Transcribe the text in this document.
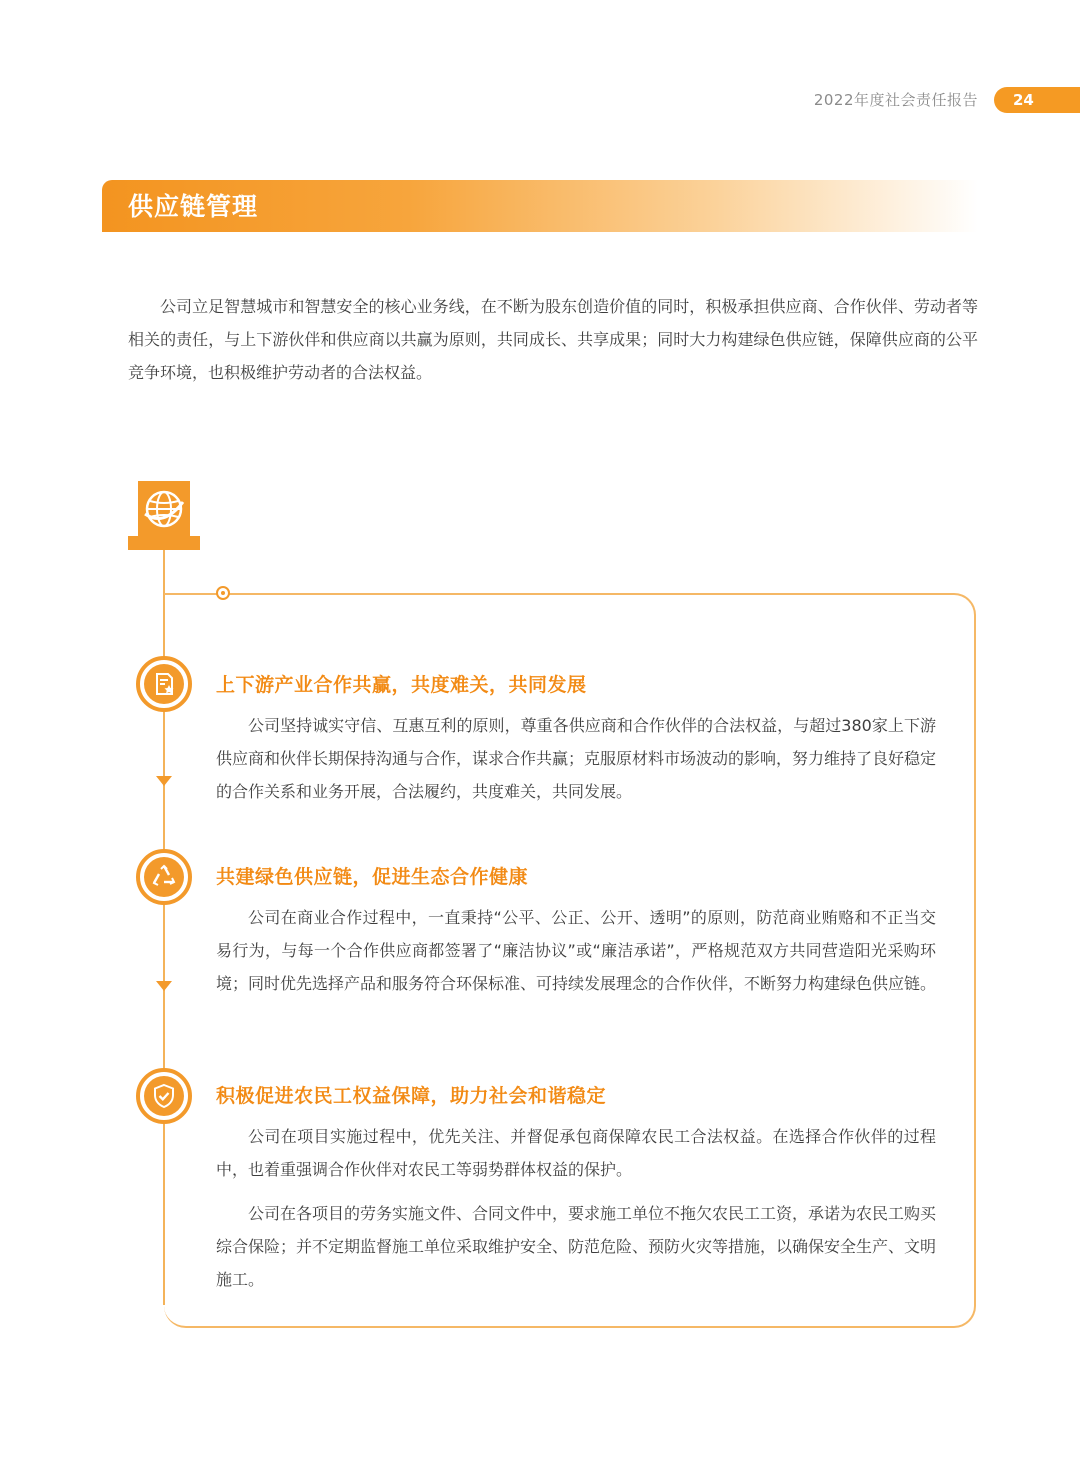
2022年度社会责任报告	24
供应链管理
公司立足智慧城市和智慧安全的核心业务线，在不断为股东创造价值的同时，积极承担供应商、合作伙伴、劳动者等相关的责任，与上下游伙伴和供应商以共赢为原则，共同成长、共享成果；同时大力构建绿色供应链，保障供应商的公平竞争环境，也积极维护劳动者的合法权益。
上下游产业合作共赢，共度难关，共同发展

公司坚持诚实守信、互惠互利的原则，尊重各供应商和合作伙伴的合法权益，与超过380家上下游供应商和伙伴长期保持沟通与合作，谋求合作共赢；克服原材料市场波动的影响，努力维持了良好稳定的合作关系和业务开展，合法履约，共度难关，共同发展。

共建绿色供应链，促进生态合作健康

公司在商业合作过程中，一直秉持“公平、公正、公开、透明”的原则，防范商业贿赂和不正当交易行为，与每一个合作供应商都签署了“廉洁协议”或“廉洁承诺”，严格规范双方共同营造阳光采购环境；同时优先选择产品和服务符合环保标准、可持续发展理念的合作伙伴，不断努力构建绿色供应链。

积极促进农民工权益保障，助力社会和谐稳定

公司在项目实施过程中，优先关注、并督促承包商保障农民工合法权益。在选择合作伙伴的过程中，也着重强调合作伙伴对农民工等弱势群体权益的保护。

公司在各项目的劳务实施文件、合同文件中，要求施工单位不拖欠农民工工资，承诺为农民工购买综合保险；并不定期监督施工单位采取维护安全、防范危险、预防火灾等措施，以确保安全生产、文明施工。
